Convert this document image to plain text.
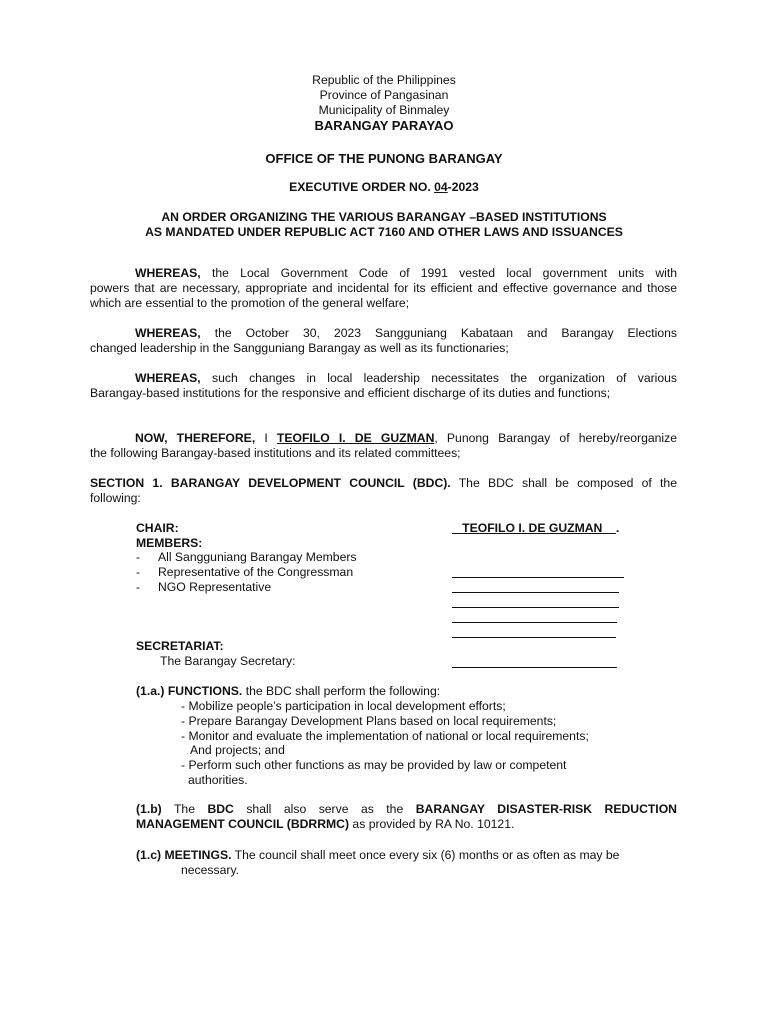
Republic of the Philippines
Province of Pangasinan
Municipality of Binmaley
BARANGAY PARAYAO
OFFICE OF THE PUNONG BARANGAY
EXECUTIVE ORDER NO. 04-2023
AN ORDER ORGANIZING THE VARIOUS BARANGAY –BASED INSTITUTIONS
AS MANDATED UNDER REPUBLIC ACT 7160 AND OTHER LAWS AND ISSUANCES
WHEREAS, the Local Government Code of 1991 vested local government units with
powers that are necessary, appropriate and incidental for its efficient and effective governance and those which are essential to the promotion of the general welfare;
WHEREAS, the October 30, 2023 Sangguniang Kabataan and Barangay Elections
changed leadership in the Sangguniang Barangay as well as its functionaries;
WHEREAS, such changes in local leadership necessitates the organization of various
Barangay-based institutions for the responsive and efficient discharge of its duties and functions;
NOW, THEREFORE, I TEOFILO I. DE GUZMAN, Punong Barangay of hereby/reorganize
the following Barangay-based institutions and its related committees;
SECTION 1. BARANGAY DEVELOPMENT COUNCIL (BDC). The BDC shall be composed of the
following:
CHAIR:	TEOFILO I. DE GUZMAN .
MEMBERS:
- All Sangguniang Barangay Members
- Representative of the Congressman
- NGO Representative
SECRETARIAT:
The Barangay Secretary:
(1.a.) FUNCTIONS. the BDC shall perform the following:
- Mobilize people’s participation in local development efforts;
- Prepare Barangay Development Plans based on local requirements;
- Monitor and evaluate the implementation of national or local requirements;
And projects; and
- Perform such other functions as may be provided by law or competent
authorities.
(1.b) The BDC shall also serve as the BARANGAY DISASTER-RISK REDUCTION
MANAGEMENT COUNCIL (BDRRMC) as provided by RA No. 10121.
(1.c) MEETINGS. The council shall meet once every six (6) months or as often as may be
necessary.
